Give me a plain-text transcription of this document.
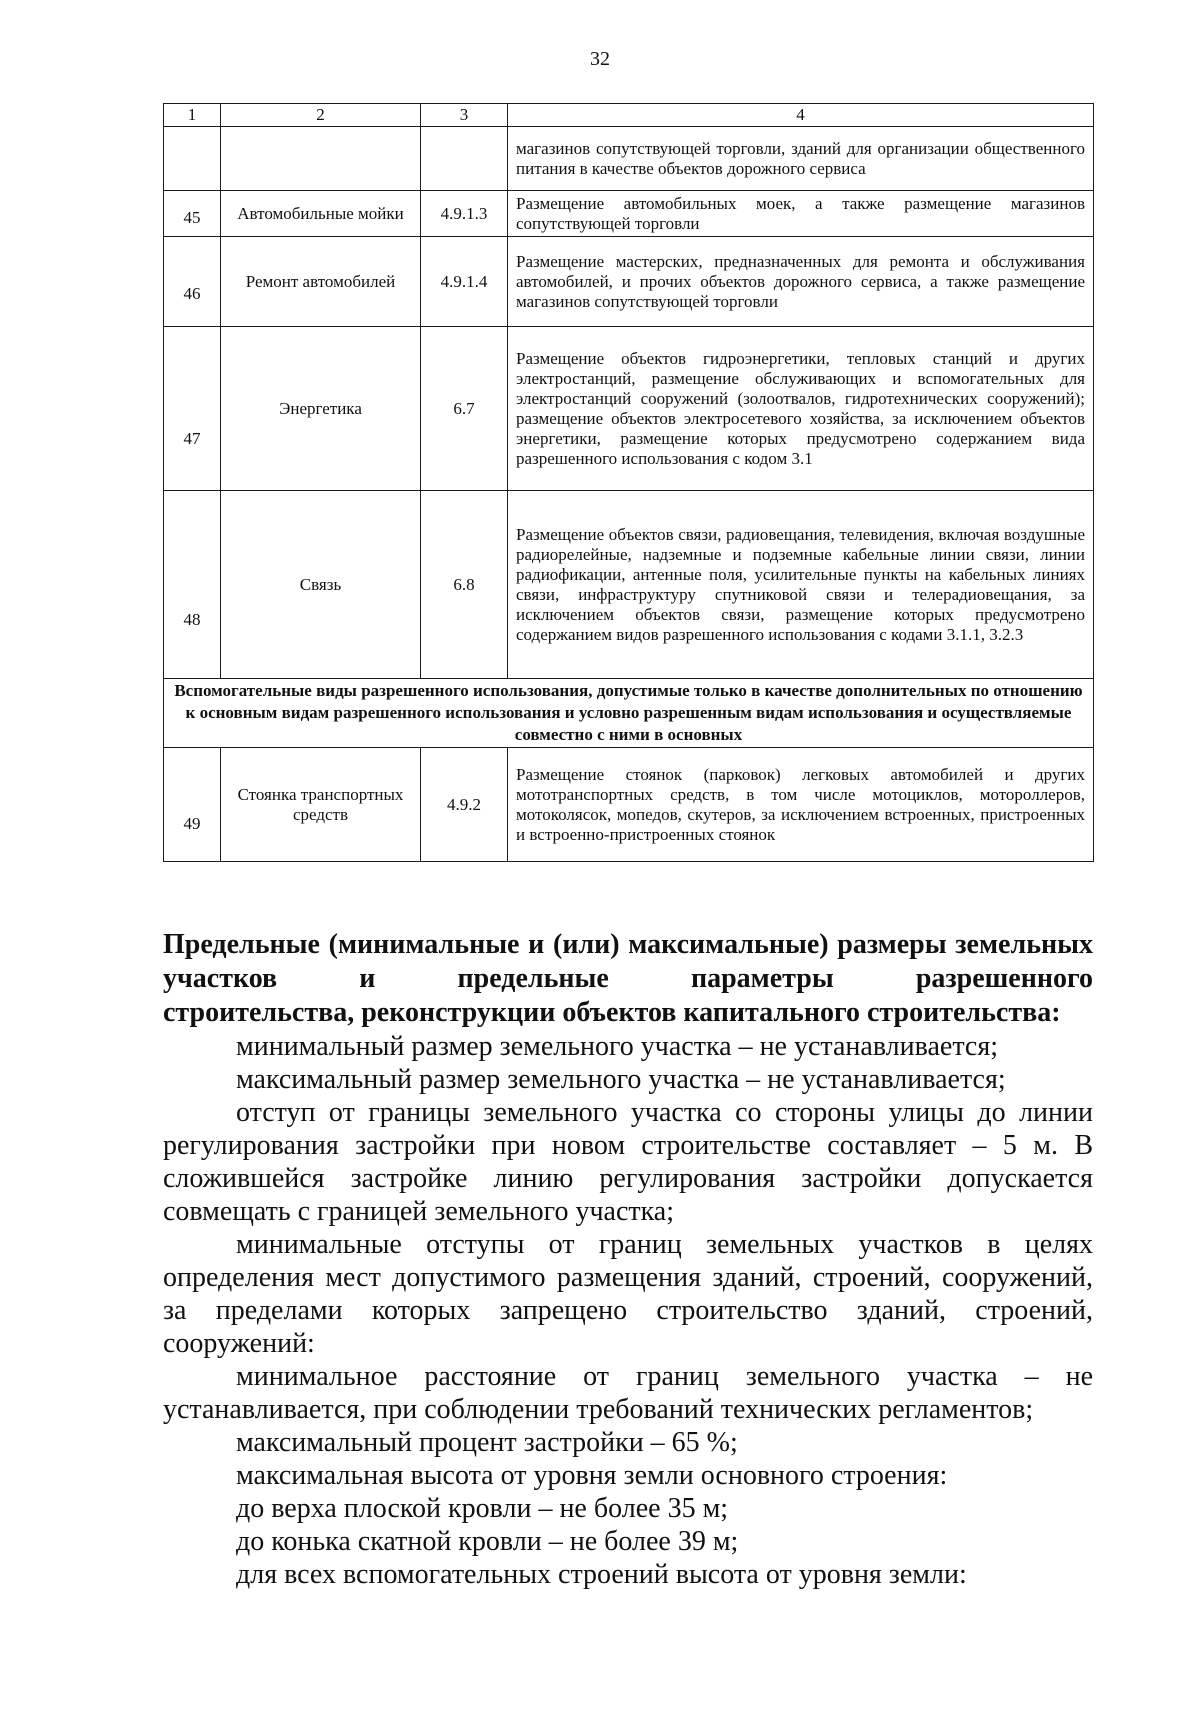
32
1	2	3	4
			магазинов сопутствующей торговли, зданий для организации общественного питания в качестве объектов дорожного сервиса
45	Автомобильные мойки	4.9.1.3	Размещение автомобильных моек, а также размещение магазинов сопутствующей торговли
46	Ремонт автомобилей	4.9.1.4	Размещение мастерских, предназначенных для ремонта и обслуживания автомобилей, и прочих объектов дорожного сервиса, а также размещение магазинов сопутствующей торговли
47	Энергетика	6.7	Размещение объектов гидроэнергетики, тепловых станций и других электростанций, размещение обслуживающих и вспомогательных для электростанций сооружений (золоотвалов, гидротехнических сооружений); размещение объектов электросетевого хозяйства, за исключением объектов энергетики, размещение которых предусмотрено содержанием вида разрешенного использования с кодом 3.1
48	Связь	6.8	Размещение объектов связи, радиовещания, телевидения, включая воздушные радиорелейные, надземные и подземные кабельные линии связи, линии радиофикации, антенные поля, усилительные пункты на кабельных линиях связи, инфраструктуру спутниковой связи и телерадиовещания, за исключением объектов связи, размещение которых предусмотрено содержанием видов разрешенного использования с кодами 3.1.1, 3.2.3
Вспомогательные виды разрешенного использования, допустимые только в качестве дополнительных по отношению к основным видам разрешенного использования и условно разрешенным видам использования и осуществляемые совместно с ними в основных			
49	Стоянка транспортных средств	4.9.2	Размещение стоянок (парковок) легковых автомобилей и других мототранспортных средств, в том числе мотоциклов, мотороллеров, мотоколясок, мопедов, скутеров, за исключением встроенных, пристроенных и встроенно-пристроенных стоянок
Предельные (минимальные и (или) максимальные) размеры земельных участков и предельные параметры разрешенного
строительства, реконструкции объектов капитального строительства:

минимальный размер земельного участка – не устанавливается;

максимальный размер земельного участка – не устанавливается;

отступ от границы земельного участка со стороны улицы до линии регулирования застройки при новом строительстве составляет – 5 м. В сложившейся застройке линию регулирования застройки допускается совмещать с границей земельного участка;

минимальные отступы от границ земельных участков в целях определения мест допустимого размещения зданий, строений, сооружений, за пределами которых запрещено строительство зданий, строений, сооружений:

минимальное расстояние от границ земельного участка – не устанавливается, при соблюдении требований технических регламентов;

максимальный процент застройки – 65 %;

максимальная высота от уровня земли основного строения:

до верха плоской кровли – не более 35 м;

до конька скатной кровли – не более 39 м;

для всех вспомогательных строений высота от уровня земли:
